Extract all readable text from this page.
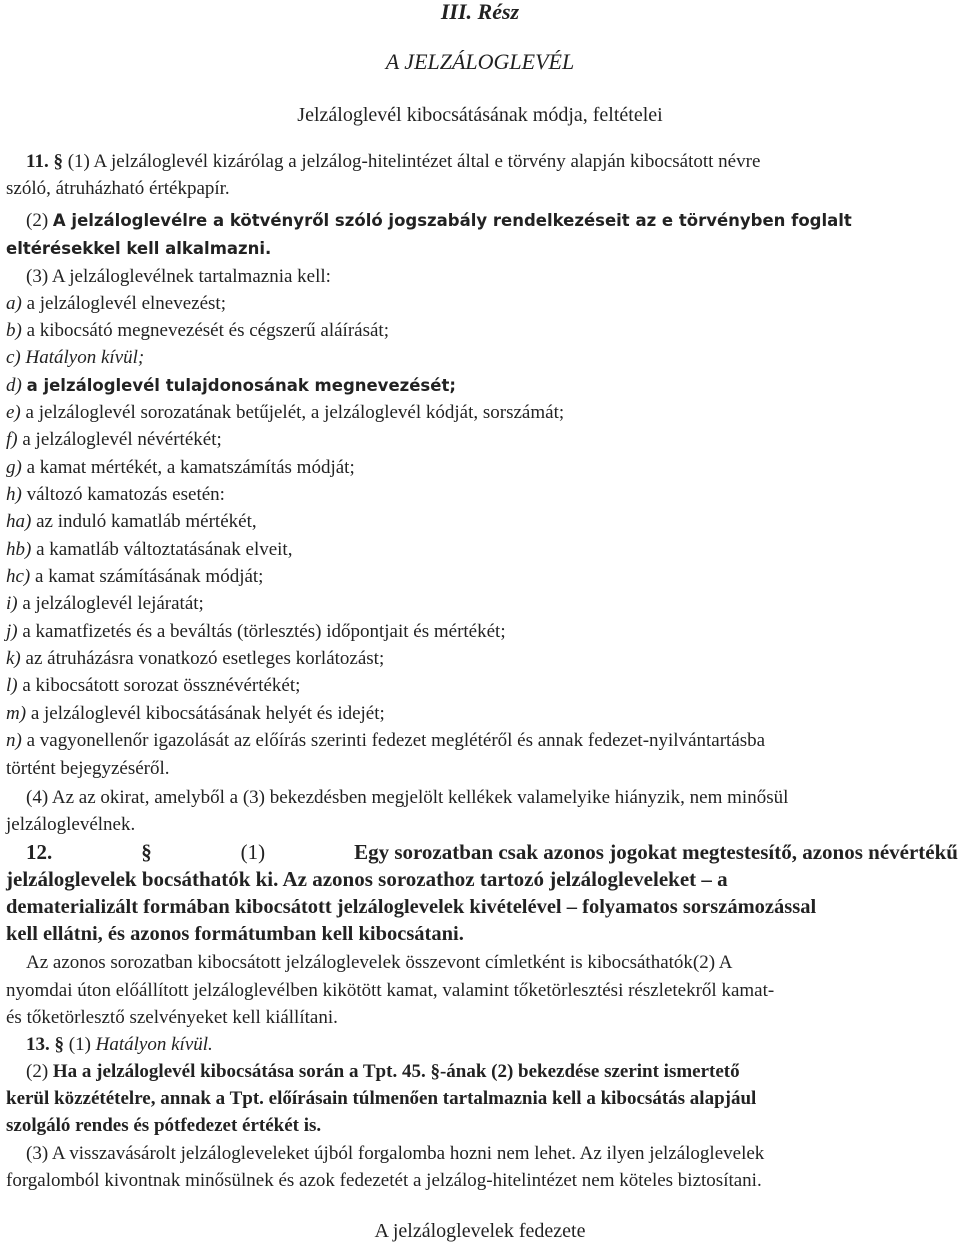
III. Rész
A JELZÁLOGLEVÉL
Jelzáloglevél kibocsátásának módja, feltételei
11. § (1) A jelzáloglevél kizárólag a jelzálog-hitelintézet által e törvény alapján kibocsátott névre
szóló, átruházható értékpapír.
(2) A jelzáloglevélre a kötvényről szóló jogszabály rendelkezéseit az e törvényben foglalt
eltérésekkel kell alkalmazni.
(3) A jelzáloglevélnek tartalmaznia kell:
a) a jelzáloglevél elnevezést;
b) a kibocsátó megnevezését és cégszerű aláírását;
c) Hatályon kívül;
d) a jelzáloglevél tulajdonosának megnevezését;
e) a jelzáloglevél sorozatának betűjelét, a jelzáloglevél kódját, sorszámát;
f) a jelzáloglevél névértékét;
g) a kamat mértékét, a kamatszámítás módját;
h) változó kamatozás esetén:
ha) az induló kamatláb mértékét,
hb) a kamatláb változtatásának elveit,
hc) a kamat számításának módját;
i) a jelzáloglevél lejáratát;
j) a kamatfizetés és a beváltás (törlesztés) időpontjait és mértékét;
k) az átruházásra vonatkozó esetleges korlátozást;
l) a kibocsátott sorozat össznévértékét;
m) a jelzáloglevél kibocsátásának helyét és idejét;
n) a vagyonellenőr igazolását az előírás szerinti fedezet meglétéről és annak fedezet-nyilvántartásba
történt bejegyzéséről.
(4) Az az okirat, amelyből a (3) bekezdésben megjelölt kellékek valamelyike hiányzik, nem minősül
jelzáloglevélnek.
12.	§	(1)	Egy sorozatban csak azonos jogokat megtestesítő, azonos névértékű
jelzáloglevelek bocsáthatók ki. Az azonos sorozathoz tartozó jelzálogleveleket – a
dematerializált formában kibocsátott jelzáloglevelek kivételével – folyamatos sorszámozással
kell ellátni, és azonos formátumban kell kibocsátani.
Az azonos sorozatban kibocsátott jelzáloglevelek összevont címletként is kibocsáthatók(2) A
nyomdai úton előállított jelzáloglevélben kikötött kamat, valamint tőketörlesztési részletekről kamat-
és tőketörlesztő szelvényeket kell kiállítani.
13. § (1) Hatályon kívül.
(2) Ha a jelzáloglevél kibocsátása során a Tpt. 45. §-ának (2) bekezdése szerint ismertető
kerül közzétételre, annak a Tpt. előírásain túlmenően tartalmaznia kell a kibocsátás alapjául
szolgáló rendes és pótfedezet értékét is.
(3) A visszavásárolt jelzálogleveleket újból forgalomba hozni nem lehet. Az ilyen jelzáloglevelek
forgalomból kivontnak minősülnek és azok fedezetét a jelzálog-hitelintézet nem köteles biztosítani.
A jelzáloglevelek fedezete
